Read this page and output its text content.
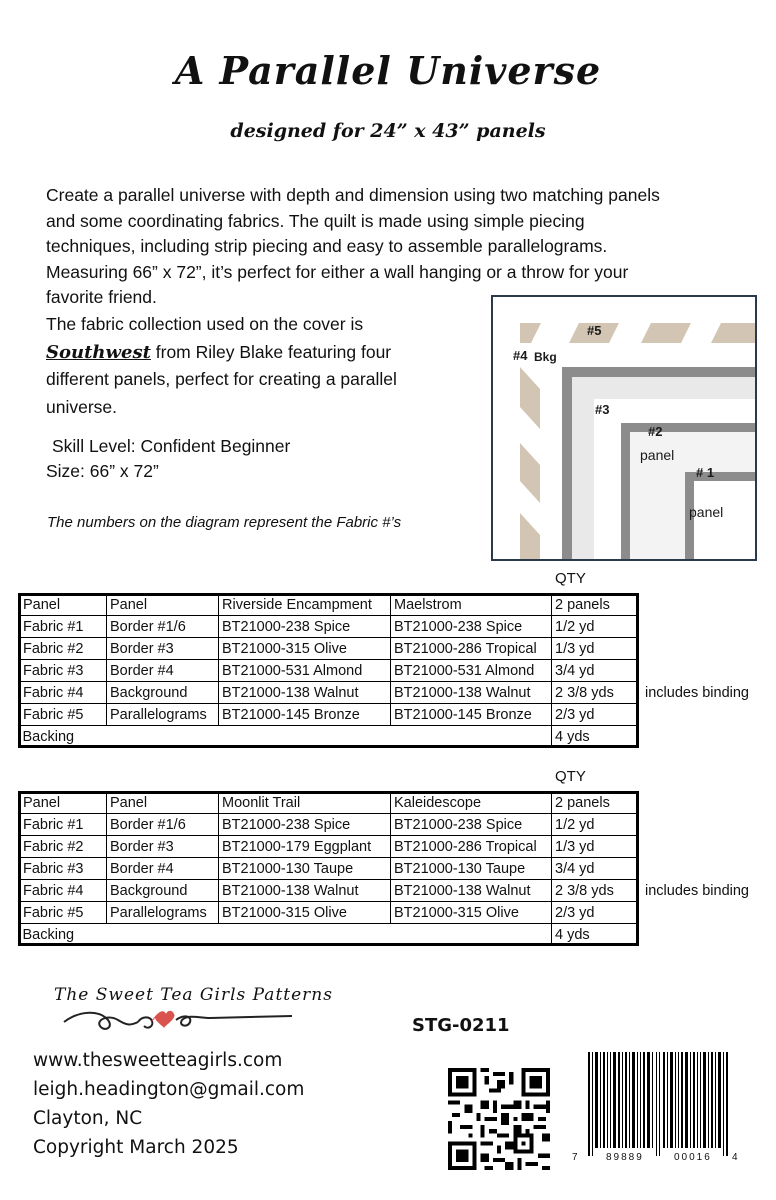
A Parallel Universe
designed for 24” x 43” panels
Create a parallel universe with depth and dimension using two matching panels
and some coordinating fabrics. The quilt is made using simple piecing
techniques, including strip piecing and easy to assemble parallelograms.
Measuring 66” x 72”, it’s perfect for either a wall hanging or a throw for your
favorite friend.
The fabric collection used on the cover is
Southwest from Riley Blake featuring four
different panels, perfect for creating a parallel
universe.
Skill Level: Confident Beginner
Size: 66” x 72”
The numbers on the diagram represent the Fabric #’s
#5
#4 Bkg
#3
#2
panel
# 1
panel
QTY
Panel	Panel	Riverside Encampment	Maelstrom	2 panels	
Fabric #1	Border #1/6	BT21000-238 Spice	BT21000-238 Spice	1/2 yd	
Fabric #2	Border #3	BT21000-315 Olive	BT21000-286 Tropical	1/3 yd	
Fabric #3	Border #4	BT21000-531 Almond	BT21000-531 Almond	3/4 yd	
Fabric #4	Background	BT21000-138 Walnut	BT21000-138 Walnut	2 3/8 yds	includes binding
Fabric #5	Parallelograms	BT21000-145 Bronze	BT21000-145 Bronze	2/3 yd	
Backing				4 yds	
QTY
Panel	Panel	Moonlit Trail	Kaleidescope	2 panels	
Fabric #1	Border #1/6	BT21000-238 Spice	BT21000-238 Spice	1/2 yd	
Fabric #2	Border #3	BT21000-179 Eggplant	BT21000-286 Tropical	1/3 yd	
Fabric #3	Border #4	BT21000-130 Taupe	BT21000-130 Taupe	3/4 yd	
Fabric #4	Background	BT21000-138 Walnut	BT21000-138 Walnut	2 3/8 yds	includes binding
Fabric #5	Parallelograms	BT21000-315 Olive	BT21000-315 Olive	2/3 yd	
Backing				4 yds	
The Sweet Tea Girls Patterns
STG-0211
www.thesweetteagirls.com
leigh.headington@gmail.com
Clayton, NC
Copyright March 2025	7	89889	00016 4
